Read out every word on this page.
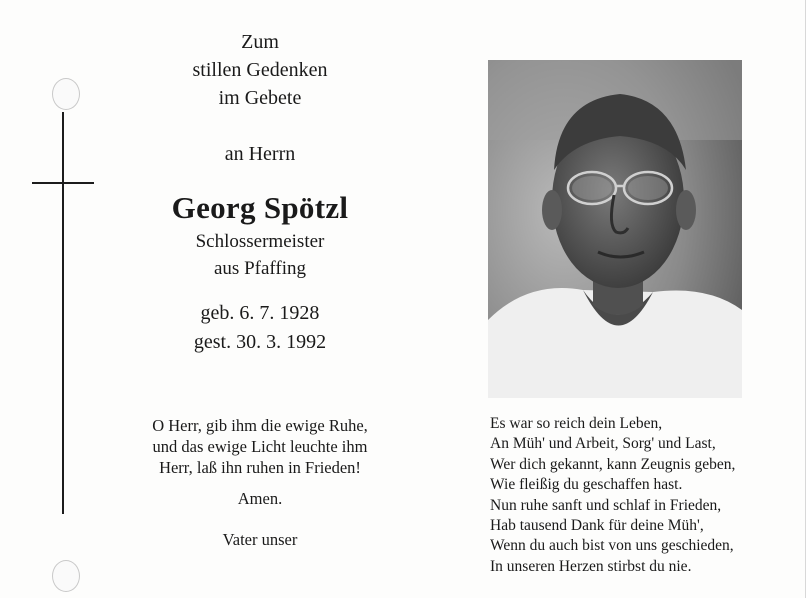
Zum
stillen Gedenken
im Gebete
an Herrn
Georg Spötzl
Schlossermeister
aus Pfaffing
geb. 6. 7. 1928
gest. 30. 3. 1992
O Herr, gib ihm die ewige Ruhe,
und das ewige Licht leuchte ihm
Herr, laß ihn ruhen in Frieden!
Amen.
Vater unser
Es war so reich dein Leben,
An Müh' und Arbeit, Sorg' und Last,
Wer dich gekannt, kann Zeugnis geben,
Wie fleißig du geschaffen hast.
Nun ruhe sanft und schlaf in Frieden,
Hab tausend Dank für deine Müh',
Wenn du auch bist von uns geschieden,
In unseren Herzen stirbst du nie.
